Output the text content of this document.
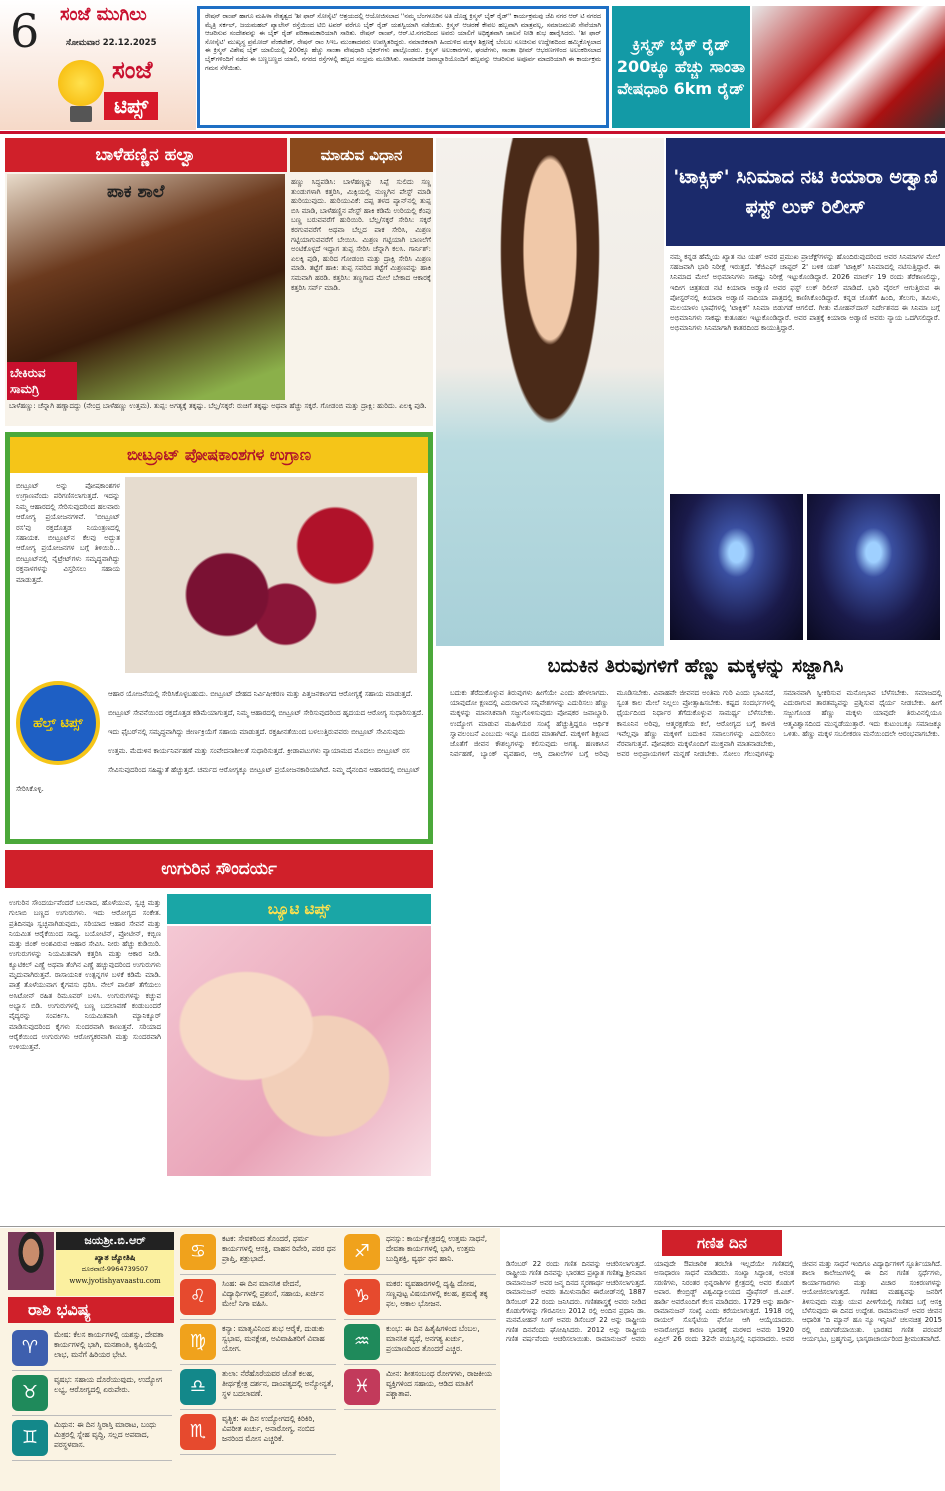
6 ಸಂಜೆ ಮುಗಿಲು
ಸೋಮವಾರ 22.12.2025
ಸಂಜೆ
ಟಿಪ್ಸ್
ರೇಷನ್ ರಾಂಪ್ ಹಾಗೂ ಮಹಿಳಾ ನೇತೃತ್ವದ 'ಶೀ ಫಾರ್ ಸೋಸೈಟಿ' ಆಶ್ರಯದಲ್ಲಿ ಆಯೋಜಿಸಲಾದ ''ನಮ್ಮ ಬೆಂಗಳೂರಿನ ಅತಿ ದೊಡ್ಡ ಕ್ರಿಸ್ಮಸ್ ಬೈಕ್ ರೈಡ್'' ಕಾರ್ಯಕ್ರಮವು ಜೆಪಿ ನಗರ ಆರ್ ಟಿ ನಗರದ ಮೈತ್ರಿ ಸರ್ಕಲ್, ಜಯಮಹಲ್ ಪ್ಯಾಲೇಸ್ ರಸ್ತೆಯಿಂದ ಟಿಬಿ ಟವರ್ ವರೆಗೂ ಬೈಕ್ ರೈಡ್ ಯಶಸ್ವಿಯಾಗಿ ನಡೆಯಿತು. ಕ್ರಿಸ್ಮಸ್ ಆಚರಣೆ ಕೇವಲ ಹಬ್ಬವಾಗಿ ಮಾತ್ರವಲ್ಲ, ಸಮಾಜಮುಖಿ ಸೇವೆಯಾಗಿ ಆಚರಿಸುವ ಸಂದೇಶವನ್ನು ಈ ಬೈಕ್ ರೈಡ್ ಪರಿಣಾಮಕಾರಿಯಾಗಿ ಸಾರಿತು. ರೇಷನ್ ರಾಂಪ್, ಆರ್.ಟಿ.ನಗರದಿಂದ ಅವರು ಯಾಲಿಗೆ ಅಧಿಕೃತವಾಗಿ ಚಾಲನೆ ನೀಡಿ ಶುಭ ಹಾರೈಸಿದರು. 'ಶೀ ಫಾರ್ ಸೋಸೈಟಿ' ಮುಖ್ಯಸ್ಥ ಪ್ರಮೋದ್ ವೆಂಕಟೇಶ್, ರೇಷನ್ ರಾಂ ಸಿಇಒ ಮುಂತಾದವರು ಉಪಸ್ಥಿತರಿದ್ದರು. ನಮಾಜಿಕವಾಗಿ ಹಿಂದುಳಿದ ಮಕ್ಕಳ ಶಿಕ್ಷಣಕ್ಕೆ ಬೆಂಬಲ ಸೂಚಿಸುವ ಉದ್ದೇಶದಿಂದ ಹಮ್ಮಿಕೊಳ್ಳಲಾದ ಈ ಕ್ರಿಸ್ಮಸ್ ವಿಶೇಷ ಬೈಕ್ ಯಾಲಿಯಲ್ಲಿ 200ಕ್ಕೂ ಹೆಚ್ಚು ಸಾಂತಾ ವೇಷಧಾರಿ ಬೈಕರ್‌ಗಳು ಪಾಲ್ಗೊಂಡರು. ಕ್ರಿಸ್ಮಸ್ ಅಲಂಕಾರಗಳು, ಘಂಟೆಗಳು, ಸಾಂತಾ ಥೀಮ್ ಆಭರಣಗಳಿಂದ ಅಲಂಕರಿಸಲಾದ ಬೈಕ್‌ಗಳಿಂದಿಗೆ ನಡೆದ ಈ ಬಣ್ಣಬಣ್ಣದ ಯಾಲಿ, ನಗರದ ರಸ್ತೆಗಳಲ್ಲಿ ಹಬ್ಬದ ಸಂಭ್ರಮ ಮೂಡಿಸಿತು. ಸಾಮಾಜಿಕ ಜವಾಬ್ದಾರಿಯೊಂದಿಗೆ ಹಬ್ಬವನ್ನು ಆಚರಿಸುವ ಅಪೂರ್ವ ಮಾದರಿಯಾಗಿ ಈ ಕಾರ್ಯಕ್ರಮ ಗಮನ ಸೆಳೆಯಿತು.
ಕ್ರಿಸ್ಮಸ್ ಬೈಕ್ ರೈಡ್ 200ಕ್ಕೂ ಹೆಚ್ಚು ಸಾಂತಾ ವೇಷಧಾರಿ 6km ರೈಡ್
ಬಾಳೆಹಣ್ಣಿನ ಹಲ್ವಾ	ಮಾಡುವ ವಿಧಾನ
ಪಾಕ ಶಾಲೆ
ಬೇಕಿರುವ ಸಾಮಗ್ರಿ
ಹಣ್ಣು ಸಿದ್ಧಪಡಿಸಿ: ಬಾಳೆಹಣ್ಣನ್ನು ಸಿಪ್ಪೆ ಸುಲಿದು ಸಣ್ಣ ತುಂಡುಗಳಾಗಿ ಕತ್ತರಿಸಿ, ಮಿಕ್ಸಿಯಲ್ಲಿ ನುಣ್ಣಗಿನ ಪೇಸ್ಟ್ ಮಾಡಿ ಹುರಿಯುವುದು. ಹುರಿಯುವಿಕೆ: ದಪ್ಪ ತಳದ ಪ್ಯಾನ್‌ನಲ್ಲಿ ತುಪ್ಪ ಬಿಸಿ ಮಾಡಿ, ಬಾಳೆಹಣ್ಣಿನ ಪೇಸ್ಟ್ ಹಾಕಿ ಕಡಿಮೆ ಉರಿಯಲ್ಲಿ ಕೆಂಪು ಬಣ್ಣ ಬರುವವರೆಗೆ ಹುರಿಯಿರಿ. ಬೆಲ್ಲ/ಸಕ್ಕರೆ ಸೇರಿಸಿ: ಸಕ್ಕರೆ ಕರಗುವವರೆಗೆ ಅಥವಾ ಬೆಲ್ಲದ ಪಾಕ ಸೇರಿಸಿ, ಮಿಶ್ರಣ ಗಟ್ಟಿಯಾಗುವವರೆಗೆ ಬೇಯಿಸಿ. ಮಿಶ್ರಣ ಗಟ್ಟಿಯಾಗಿ ಬಾಣಲೆಗೆ ಅಂಟಿಕೊಳ್ಳದೆ ಇದ್ದಾಗ ತುಪ್ಪ ಸೇರಿಸಿ ಚೆನ್ನಾಗಿ ಕಲಸಿ. ಗಾರ್ನಿಶ್: ಏಲಕ್ಕಿ ಪುಡಿ, ಹುರಿದ ಗೋಡಂಬಿ ಮತ್ತು ದ್ರಾಕ್ಷಿ ಸೇರಿಸಿ ಮಿಶ್ರಣ ಮಾಡಿ. ತಟ್ಟೆಗೆ ಹಾಕಿ: ತುಪ್ಪ ಸವರಿದ ತಟ್ಟೆಗೆ ಮಿಶ್ರಣವನ್ನು ಹಾಕಿ ಸಮವಾಗಿ ಹರಡಿ. ಕತ್ತರಿಸಿ: ತಣ್ಣಗಾದ ಮೇಲೆ ಬೇಕಾದ ಆಕಾರಕ್ಕೆ ಕತ್ತರಿಸಿ ಸರ್ವ್ ಮಾಡಿ.
ಬಾಳೆಹಣ್ಣು: ಚೆನ್ನಾಗಿ ಹಣ್ಣಾದದ್ದು (ನೇಂದ್ರ ಬಾಳೆಹಣ್ಣು ಉತ್ತಮ). ತುಪ್ಪ: ಅಗತ್ಯಕ್ಕೆ ತಕ್ಕಷ್ಟು. ಬೆಲ್ಲ/ಸಕ್ಕರೆ: ರುಚಿಗೆ ತಕ್ಕಷ್ಟು ಅಥವಾ ಹೆಚ್ಚು ಸಕ್ಕರೆ. ಗೋಡಂಬಿ ಮತ್ತು ದ್ರಾಕ್ಷಿ: ಹುರಿದು. ಏಲಕ್ಕಿ ಪುಡಿ.
ಬೀಟ್ರೂಟ್ ಪೋಷಕಾಂಶಗಳ ಉಗ್ರಾಣ
ಬೀಟ್ರೂಟ್ ಅನ್ನು ಪೋಷಕಾಂಶಗಳ ಉಗ್ರಾಣವೆಂದು ಪರಿಗಣಿಸಲಾಗುತ್ತದೆ. ಇದನ್ನು ನಿಮ್ಮ ಆಹಾರದಲ್ಲಿ ಸೇರಿಸುವುದರಿಂದ ಹಲವಾರು ಆರೋಗ್ಯ ಪ್ರಯೋಜನಗಳಿವೆ. 'ಬೀಟ್ರೂಟ್ ರಸ'ವು ರಕ್ತದೊತ್ತಡ ನಿಯಂತ್ರಣದಲ್ಲಿ ಸಹಾಯಕ. ಬೀಟ್ರೂಟ್‌ನ ಕೆಲವು ಅದ್ಭುತ ಆರೋಗ್ಯ ಪ್ರಯೋಜನಗಳ ಬಗ್ಗೆ ತಿಳಿಯಿರಿ... ಬೀಟ್ರೂಟ್‌ನಲ್ಲಿ ನೈಟ್ರೇಟ್‌ಗಳು ಸಮೃದ್ಧವಾಗಿದ್ದು ರಕ್ತನಾಳಗಳನ್ನು ವಿಸ್ತರಿಸಲು ಸಹಾಯ ಮಾಡುತ್ತದೆ.
ಹೆಲ್ತ್ ಟಿಪ್ಸ್
ಆಹಾರ ಯೋಜನೆಯಲ್ಲಿ ಸೇರಿಸಿಕೊಳ್ಳಬಹುದು. ಬೀಟ್ರೂಟ್ ದೇಹದ ನಿರ್ವಿಷೀಕರಣ ಮತ್ತು ಪಿತ್ತಜನಕಾಂಗದ ಆರೋಗ್ಯಕ್ಕೆ ಸಹಾಯ ಮಾಡುತ್ತದೆ. ಬೀಟ್ರೂಟ್ ಸೇವನೆಯಿಂದ ರಕ್ತದೊತ್ತಡ ಕಡಿಮೆಯಾಗುತ್ತದೆ, ನಿಮ್ಮ ಆಹಾರದಲ್ಲಿ ಬೀಟ್ರೂಟ್ ಸೇರಿಸುವುದರಿಂದ ಹೃದಯದ ಆರೋಗ್ಯ ಸುಧಾರಿಸುತ್ತದೆ. ಇದು ಫೈಬರ್‌ನಲ್ಲಿ ಸಮೃದ್ಧವಾಗಿದ್ದು ಜೀರ್ಣಕ್ರಿಯೆಗೆ ಸಹಾಯ ಮಾಡುತ್ತದೆ. ರಕ್ತಹೀನತೆಯಿಂದ ಬಳಲುತ್ತಿರುವವರು ಬೀಟ್ರೂಟ್ ಸೇವಿಸುವುದು ಉತ್ತಮ. ಮೆದುಳಿನ ಕಾರ್ಯನಿರ್ವಹಣೆ ಮತ್ತು ಸಂವೇದನಾಶೀಲತೆ ಸುಧಾರಿಸುತ್ತದೆ. ಕ್ರೀಡಾಪಟುಗಳು ವ್ಯಾಯಾಮದ ಮೊದಲು ಬೀಟ್ರೂಟ್ ರಸ ಸೇವಿಸುವುದರಿಂದ ಸಹಿಷ್ಣುತೆ ಹೆಚ್ಚುತ್ತದೆ. ಚರ್ಮದ ಆರೋಗ್ಯಕ್ಕೂ ಬೀಟ್ರೂಟ್ ಪ್ರಯೋಜನಕಾರಿಯಾಗಿದೆ. ನಿಮ್ಮ ದೈನಂದಿನ ಆಹಾರದಲ್ಲಿ ಬೀಟ್ರೂಟ್ ಸೇರಿಸಿಕೊಳ್ಳಿ.
ಉಗುರಿನ ಸೌಂದರ್ಯ
ಬ್ಯೂಟಿ ಟಿಪ್ಸ್
ಉಗುರಿನ ಸೌಂದರ್ಯವೆಂದರೆ ಬಲವಾದ, ಹೊಳೆಯುವ, ಸ್ವಚ್ಛ ಮತ್ತು ಗುಲಾಬಿ ಬಣ್ಣದ ಉಗುರುಗಳು. ಇದು ಆರೋಗ್ಯದ ಸಂಕೇತ. ಪ್ರತಿದಿನವೂ ಸ್ವಚ್ಛವಾಗಿಡುವುದು, ಸರಿಯಾದ ಆಹಾರ ಸೇವನೆ ಮತ್ತು ನಿಯಮಿತ ಆರೈಕೆಯಿಂದ ಸಾಧ್ಯ. ಬಯೋಟಿನ್, ಪ್ರೋಟೀನ್, ಕಬ್ಬಿಣ ಮತ್ತು ಜಿಂಕ್ ಅಂಶವಿರುವ ಆಹಾರ ಸೇವಿಸಿ. ನೀರು ಹೆಚ್ಚು ಕುಡಿಯಿರಿ. ಉಗುರುಗಳನ್ನು ನಿಯಮಿತವಾಗಿ ಕತ್ತರಿಸಿ ಮತ್ತು ಆಕಾರ ನೀಡಿ. ಕ್ಯೂಟಿಕಲ್ ಎಣ್ಣೆ ಅಥವಾ ತೆಂಗಿನ ಎಣ್ಣೆ ಹಚ್ಚುವುದರಿಂದ ಉಗುರುಗಳು ಮೃದುವಾಗಿರುತ್ತವೆ. ರಾಸಾಯನಿಕ ಉತ್ಪನ್ನಗಳ ಬಳಕೆ ಕಡಿಮೆ ಮಾಡಿ. ಪಾತ್ರೆ ತೊಳೆಯುವಾಗ ಕೈಗವಸು ಧರಿಸಿ. ನೇಲ್ ಪಾಲಿಶ್ ತೆಗೆಯಲು ಅಸಿಟೋನ್ ರಹಿತ ರಿಮೂವರ್ ಬಳಸಿ. ಉಗುರುಗಳನ್ನು ಕಚ್ಚುವ ಅಭ್ಯಾಸ ಬಿಡಿ. ಉಗುರುಗಳಲ್ಲಿ ಬಣ್ಣ ಬದಲಾವಣೆ ಕಂಡುಬಂದರೆ ವೈದ್ಯರನ್ನು ಸಂಪರ್ಕಿಸಿ. ನಿಯಮಿತವಾಗಿ ಮ್ಯಾನಿಕ್ಯೂರ್ ಮಾಡಿಸುವುದರಿಂದ ಕೈಗಳು ಸುಂದರವಾಗಿ ಕಾಣುತ್ತವೆ. ಸರಿಯಾದ ಆರೈಕೆಯಿಂದ ಉಗುರುಗಳು ಆರೋಗ್ಯಕರವಾಗಿ ಮತ್ತು ಸುಂದರವಾಗಿ ಉಳಿಯುತ್ತವೆ.
'ಟಾಕ್ಸಿಕ್' ಸಿನಿಮಾದ ನಟಿ ಕಿಯಾರಾ ಅಡ್ವಾಣಿ ಫಸ್ಟ್ ಲುಕ್ ರಿಲೀಸ್
ನಮ್ಮ ಕನ್ನಡ ಹೆಮ್ಮೆಯ ಖ್ಯಾತ ನಟ ಯಶ್ ಅವರ ಪ್ರಮುಖ ಪ್ರಾಜೆಕ್ಟ್‌ಗಳನ್ನು ಹೊಂದಿರುವುದರಿಂದ ಅವರ ಸಿನಿಮಾಗಳ ಮೇಲೆ ಸಹಜವಾಗಿ ಭಾರಿ ನಿರೀಕ್ಷೆ ಇರುತ್ತದೆ. 'ಕೆಜಿಎಫ್ ಚಾಪ್ಟರ್ 2' ಬಳಿಕ ಯಶ್ 'ಟಾಕ್ಸಿಕ್' ಸಿನಿಮಾದಲ್ಲಿ ನಟಿಸುತ್ತಿದ್ದಾರೆ. ಈ ಸಿನಿಮಾದ ಮೇಲೆ ಅಭಿಮಾನಿಗಳು ಸಾಕಷ್ಟು ನಿರೀಕ್ಷೆ ಇಟ್ಟುಕೊಂಡಿದ್ದಾರೆ. 2026 ಮಾರ್ಚ್ 19 ರಂದು ತೆರೆಕಾಣಲಿದ್ದು, ಇದೀಗ ಚಿತ್ರತಂಡ ನಟಿ ಕಿಯಾರಾ ಅಡ್ವಾಣಿ ಅವರ ಫಸ್ಟ್ ಲುಕ್ ರಿಲೀಸ್ ಮಾಡಿದೆ. ಭಾರಿ ವೈರಲ್ ಆಗುತ್ತಿರುವ ಈ ಪೋಸ್ಟರ್‌ನಲ್ಲಿ ಕಿಯಾರಾ ಅಡ್ವಾಣಿ ನಾದಿಯಾ ಪಾತ್ರದಲ್ಲಿ ಕಾಣಿಸಿಕೊಂಡಿದ್ದಾರೆ. ಕನ್ನಡ ಜೊತೆಗೆ ಹಿಂದಿ, ತೆಲುಗು, ತಮಿಳು, ಮಲಯಾಳಂ ಭಾಷೆಗಳಲ್ಲಿ 'ಟಾಕ್ಸಿಕ್' ಸಿನಿಮಾ ಬಿಡುಗಡೆ ಆಗಲಿದೆ. ಗೀತು ಮೋಹನ್‌ದಾಸ್ ನಿರ್ದೇಶನದ ಈ ಸಿನಿಮಾ ಬಗ್ಗೆ ಅಭಿಮಾನಿಗಳು ಸಾಕಷ್ಟು ಕುತೂಹಲ ಇಟ್ಟುಕೊಂಡಿದ್ದಾರೆ. ಅವರ ಪಾತ್ರಕ್ಕೆ ಕಿಯಾರಾ ಅಡ್ವಾಣಿ ಅವರು ನ್ಯಾಯ ಒದಗಿಸಲಿದ್ದಾರೆ. ಅಭಿಮಾನಿಗಳು ಸಿನಿಮಾಗಾಗಿ ಕಾತರದಿಂದ ಕಾಯುತ್ತಿದ್ದಾರೆ.
ಬದುಕಿನ ತಿರುವುಗಳಿಗೆ ಹೆಣ್ಣು ಮಕ್ಕಳನ್ನು ಸಜ್ಜಾಗಿಸಿ
ಬದುಕು ತೆರೆದುಕೊಳ್ಳುವ ತಿರುವುಗಳು ಹೀಗೆಯೇ ಎಂದು ಹೇಳಲಾಗದು. ಯಾವುದೋ ಕ್ಷಣದಲ್ಲಿ ಎದುರಾಗುವ ಸನ್ನಿವೇಶಗಳನ್ನು ಎದುರಿಸಲು ಹೆಣ್ಣು ಮಕ್ಕಳನ್ನು ಮಾನಸಿಕವಾಗಿ ಸಜ್ಜುಗೊಳಿಸುವುದು ಪೋಷಕರ ಜವಾಬ್ದಾರಿ. ಉದ್ಯೋಗ ಮಾಡುವ ಮಹಿಳೆಯರ ಸಂಖ್ಯೆ ಹೆಚ್ಚುತ್ತಿದ್ದರೂ ಆರ್ಥಿಕ ಸ್ವಾವಲಂಬನೆ ಎಂಬುದು ಇನ್ನೂ ದೂರದ ಮಾತಾಗಿದೆ. ಮಕ್ಕಳಿಗೆ ಶಿಕ್ಷಣದ ಜೊತೆಗೆ ಜೀವನ ಕೌಶಲ್ಯಗಳನ್ನು ಕಲಿಸುವುದು ಅಗತ್ಯ. ಹಣಕಾಸಿನ ನಿರ್ವಹಣೆ, ಬ್ಯಾಂಕ್ ವ್ಯವಹಾರ, ಆಸ್ತಿ ದಾಖಲೆಗಳ ಬಗ್ಗೆ ಅರಿವು ಮೂಡಿಸಬೇಕು. ವಿವಾಹವೇ ಜೀವನದ ಅಂತಿಮ ಗುರಿ ಎಂದು ಭಾವಿಸದೆ, ಸ್ವಂತ ಕಾಲ ಮೇಲೆ ನಿಲ್ಲಲು ಪ್ರೋತ್ಸಾಹಿಸಬೇಕು. ಕಷ್ಟದ ಸಂದರ್ಭಗಳಲ್ಲಿ ಧೈರ್ಯದಿಂದ ನಿರ್ಧಾರ ತೆಗೆದುಕೊಳ್ಳುವ ಸಾಮರ್ಥ್ಯ ಬೆಳೆಸಬೇಕು. ಕಾನೂನಿನ ಅರಿವು, ಆತ್ಮರಕ್ಷಣೆಯ ಕಲೆ, ಆರೋಗ್ಯದ ಬಗ್ಗೆ ಕಾಳಜಿ ಇವೆಲ್ಲವೂ ಹೆಣ್ಣು ಮಕ್ಕಳಿಗೆ ಬದುಕಿನ ಸವಾಲುಗಳನ್ನು ಎದುರಿಸಲು ನೆರವಾಗುತ್ತವೆ. ಪೋಷಕರು ಮಕ್ಕಳೊಂದಿಗೆ ಮುಕ್ತವಾಗಿ ಮಾತನಾಡಬೇಕು, ಅವರ ಅಭಿಪ್ರಾಯಗಳಿಗೆ ಮನ್ನಣೆ ನೀಡಬೇಕು. ಸೋಲು ಗೆಲುವುಗಳನ್ನು ಸಮಾನವಾಗಿ ಸ್ವೀಕರಿಸುವ ಮನೋಭಾವ ಬೆಳೆಸಬೇಕು. ಸಮಾಜದಲ್ಲಿ ಎದುರಾಗುವ ತಾರತಮ್ಯವನ್ನು ಪ್ರಶ್ನಿಸುವ ಧೈರ್ಯ ನೀಡಬೇಕು. ಹೀಗೆ ಸಜ್ಜುಗೊಂಡ ಹೆಣ್ಣು ಮಕ್ಕಳು ಯಾವುದೇ ತಿರುವಿನಲ್ಲಿಯೂ ಆತ್ಮವಿಶ್ವಾಸದಿಂದ ಮುನ್ನಡೆಯುತ್ತಾರೆ. ಇದು ಕುಟುಂಬಕ್ಕೂ ಸಮಾಜಕ್ಕೂ ಒಳಿತು. ಹೆಣ್ಣು ಮಕ್ಕಳ ಸಬಲೀಕರಣ ಮನೆಯಿಂದಲೇ ಆರಂಭವಾಗಬೇಕು.
ಜಯಶ್ರೀ.ಬಿ.ಆರ್
ಖ್ಯಾತ ಜ್ಯೋತಿಷಿ
ದೂರವಾಣಿ-9964739507
www.jyotishyavaastu.com
ರಾಶಿ ಭವಿಷ್ಯ
♈
ಮೇಷ: ಕೆಲಸ ಕಾರ್ಯಗಳಲ್ಲಿ ಯಶಸ್ಸು, ದೇವತಾ ಕಾರ್ಯಗಳಲ್ಲಿ ಭಾಗಿ, ಮನಶಾಂತಿ, ಕೃಷಿಯಲ್ಲಿ ಲಾಭ, ಮನೆಗೆ ಹಿರಿಯರ ಭೇಟಿ.
♉
ವೃಷಭ: ಸಹಾಯ ದೊರೆಯುವುದು, ಉದ್ಯೋಗ ಲಭ್ಯ, ಆರೋಗ್ಯದಲ್ಲಿ ಏರುಪೇರು.
♊
ಮಿಥುನ: ಈ ದಿನ ಸ್ಥಿರಾಸ್ತಿ ಮಾರಾಟ, ಬಂಧು ಮಿತ್ರರಲ್ಲಿ ಸ್ನೇಹ ವೃದ್ಧಿ, ಸಲ್ಲದ ಅಪವಾದ, ಪರಸ್ಥಳವಾಸ.
♋
ಕಟಕ: ಸೇವಕರಿಂದ ತೊಂದರೆ, ಧರ್ಮ ಕಾರ್ಯಗಳಲ್ಲಿ ಆಸಕ್ತಿ, ವಾಹನ ರಿಪೇರಿ, ಪರರ ಧನ ಪ್ರಾಪ್ತಿ, ಶತ್ರುಭಾದೆ.
♌
ಸಿಂಹ: ಈ ದಿನ ಮಾನಸಿಕ ವೇದನೆ, ವಿದ್ಯಾರ್ಥಿಗಳಲ್ಲಿ ಪ್ರಶಂಸೆ, ಸಹಾಯ, ಖರ್ಚಿನ ಮೇಲೆ ನಿಗಾ ವಹಿಸಿ.
♍
ಕನ್ಯಾ: ಮಾತೃವಿನಿಂದ ಶುಭ ಆರೈಕೆ, ದುಡುಕು ಸ್ವಭಾವ, ಮನಕ್ಲೇಶ, ಅವಿವಾಹಿತರಿಗೆ ವಿವಾಹ ಯೋಗ.
♎
ತುಲಾ: ನೆರೆಹೊರೆಯವರ ಜೊತೆ ಕಲಹ, ತೀರ್ಥಕ್ಷೇತ್ರ ದರ್ಶನ, ದಾಂಪತ್ಯದಲ್ಲಿ ಅನ್ಯೋನ್ಯತೆ, ಸ್ಥಳ ಬದಲಾವಣೆ.
♏
ವೃಶ್ಚಿಕ: ಈ ದಿನ ಉದ್ಯೋಗದಲ್ಲಿ ಕಿರಿಕಿರಿ, ವಿಪರೀತ ಖರ್ಚು, ಅನಾರೋಗ್ಯ, ನಂಬಿದ ಜನರಿಂದ ಮೋಸ ಎಚ್ಚರಿಕೆ.
♐
ಧನಸ್ಸು: ಕಾರ್ಯಕ್ಷೇತ್ರದಲ್ಲಿ ಉತ್ತಮ ಸಾಧನೆ, ದೇವತಾ ಕಾರ್ಯಗಳಲ್ಲಿ ಭಾಗಿ, ಉತ್ತಮ ಬುದ್ಧಿಶಕ್ತಿ, ವ್ಯರ್ಥ ಧನ ಹಾನಿ.
♑
ಮಕರ: ವ್ಯವಹಾರಗಳಲ್ಲಿ ದೃಷ್ಟಿ ದೋಷ, ಸಣ್ಣಪುಟ್ಟ ವಿಷಯಗಳಲ್ಲಿ ಕಲಹ, ಶ್ರಮಕ್ಕೆ ತಕ್ಕ ಫಲ, ಅಕಾಲ ಭೋಜನ.
♒
ಕುಂಭ: ಈ ದಿನ ಹಿತೈಷಿಗಳಿಂದ ಬೆಂಬಲ, ಮಾನಸಿಕ ವ್ಯಥೆ, ಅನಗತ್ಯ ಖರ್ಚು, ಪ್ರಯಾಣದಿಂದ ತೊಂದರೆ ಎಚ್ಚರ.
♓
ಮೀನ: ಶೀತಸಂಬಂಧ ರೋಗಗಳು, ರಾಜಕೀಯ ವ್ಯಕ್ತಿಗಳಿಂದ ಸಹಾಯ, ಆಡಿದ ಮಾತಿಗೆ ಪಶ್ಚಾತಾಪ.
ಗಣಿತ ದಿನ
ಡಿಸೆಂಬರ್ 22 ರಂದು ಗಣಿತ ದಿನವನ್ನು ಆಚರಿಸಲಾಗುತ್ತದೆ. ರಾಷ್ಟ್ರೀಯ ಗಣಿತ ದಿನವನ್ನು ಭಾರತದ ಪ್ರಖ್ಯಾತ ಗಣಿತಜ್ಞ ಶ್ರೀನಿವಾಸ ರಾಮಾನುಜನ್ ಅವರ ಜನ್ಮ ದಿನದ ಸ್ಮರಣಾರ್ಥ ಆಚರಿಸಲಾಗುತ್ತದೆ. ರಾಮಾನುಜನ್ ಅವರು ತಮಿಳುನಾಡಿನ ಈರೋಡ್‌ನಲ್ಲಿ 1887 ಡಿಸೆಂಬರ್ 22 ರಂದು ಜನಿಸಿದರು. ಗಣಿತಶಾಸ್ತ್ರಕ್ಕೆ ಅವರು ನೀಡಿದ ಕೊಡುಗೆಗಳನ್ನು ಗೌರವಿಸಲು 2012 ರಲ್ಲಿ ಅಂದಿನ ಪ್ರಧಾನಿ ಡಾ. ಮನಮೋಹನ್ ಸಿಂಗ್ ಅವರು ಡಿಸೆಂಬರ್ 22 ಅನ್ನು ರಾಷ್ಟ್ರೀಯ ಗಣಿತ ದಿನವೆಂದು ಘೋಷಿಸಿದರು. 2012 ಅನ್ನು ರಾಷ್ಟ್ರೀಯ ಗಣಿತ ವರ್ಷವೆಂದು ಆಚರಿಸಲಾಯಿತು. ರಾಮಾನುಜನ್ ಅವರು ಯಾವುದೇ ಔಪಚಾರಿಕ ತರಬೇತಿ ಇಲ್ಲದೆಯೇ ಗಣಿತದಲ್ಲಿ ಅಸಾಧಾರಣ ಸಾಧನೆ ಮಾಡಿದರು. ಸಂಖ್ಯಾ ಸಿದ್ಧಾಂತ, ಅನಂತ ಸರಣಿಗಳು, ನಿರಂತರ ಭಿನ್ನರಾಶಿಗಳ ಕ್ಷೇತ್ರದಲ್ಲಿ ಅವರ ಕೊಡುಗೆ ಅಪಾರ. ಕೇಂಬ್ರಿಡ್ಜ್ ವಿಶ್ವವಿದ್ಯಾಲಯದ ಪ್ರೊಫೆಸರ್ ಜಿ.ಎಚ್. ಹಾರ್ಡಿ ಅವರೊಂದಿಗೆ ಕೆಲಸ ಮಾಡಿದರು. 1729 ಅನ್ನು ಹಾರ್ಡಿ-ರಾಮಾನುಜನ್ ಸಂಖ್ಯೆ ಎಂದು ಕರೆಯಲಾಗುತ್ತದೆ. 1918 ರಲ್ಲಿ ರಾಯಲ್ ಸೊಸೈಟಿಯ ಫೆಲೋ ಆಗಿ ಆಯ್ಕೆಯಾದರು. ಅನಾರೋಗ್ಯದ ಕಾರಣ ಭಾರತಕ್ಕೆ ಮರಳಿದ ಅವರು 1920 ಏಪ್ರಿಲ್ 26 ರಂದು 32ನೇ ವಯಸ್ಸಿನಲ್ಲಿ ನಿಧನರಾದರು. ಅವರ ಜೀವನ ಮತ್ತು ಸಾಧನೆ ಇಂದಿಗೂ ವಿದ್ಯಾರ್ಥಿಗಳಿಗೆ ಸ್ಫೂರ್ತಿಯಾಗಿದೆ. ಶಾಲಾ ಕಾಲೇಜುಗಳಲ್ಲಿ ಈ ದಿನ ಗಣಿತ ಸ್ಪರ್ಧೆಗಳು, ಕಾರ್ಯಾಗಾರಗಳು ಮತ್ತು ವಿಚಾರ ಸಂಕಿರಣಗಳನ್ನು ಆಯೋಜಿಸಲಾಗುತ್ತದೆ. ಗಣಿತದ ಮಹತ್ವವನ್ನು ಜನರಿಗೆ ತಿಳಿಸುವುದು ಮತ್ತು ಯುವ ಪೀಳಿಗೆಯಲ್ಲಿ ಗಣಿತದ ಬಗ್ಗೆ ಆಸಕ್ತಿ ಬೆಳೆಸುವುದು ಈ ದಿನದ ಉದ್ದೇಶ. ರಾಮಾನುಜನ್ ಅವರ ಜೀವನ ಆಧಾರಿತ 'ದಿ ಮ್ಯಾನ್ ಹೂ ನ್ಯೂ ಇನ್ಫಿನಿಟಿ' ಚಲನಚಿತ್ರ 2015 ರಲ್ಲಿ ಬಿಡುಗಡೆಯಾಯಿತು. ಭಾರತದ ಗಣಿತ ಪರಂಪರೆ ಆರ್ಯಭಟ, ಬ್ರಹ್ಮಗುಪ್ತ, ಭಾಸ್ಕರಾಚಾರ್ಯರಿಂದ ಶ್ರೀಮಂತವಾಗಿದೆ.
